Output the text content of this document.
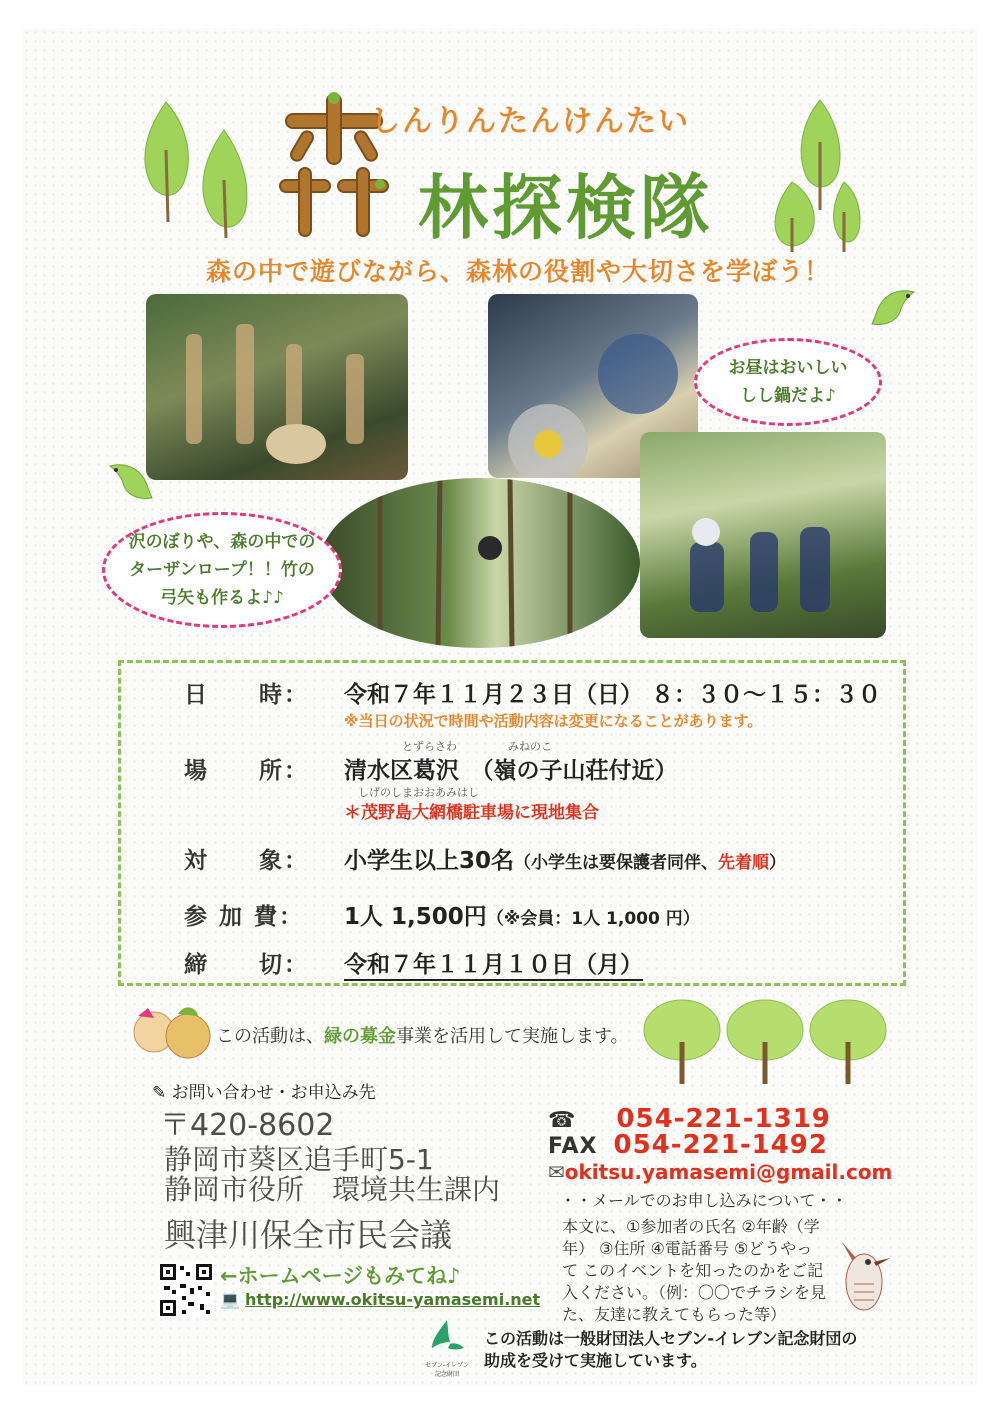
しんりんたんけんたい
林探検隊
森の中で遊びながら、森林の役割や大切さを学ぼう！
お昼はおいしい
しし鍋だよ♪
沢のぼりや、森の中での
ターザンロープ！！竹の
弓矢も作るよ♪♪
日　　時： 令和７年１１月２３日（日） ８：３０～１５：３０
※当日の状況で時間や活動内容は変更になることがあります。
とずらさわ	みねのこ
場　　所： 清水区葛沢　（嶺の子山荘付近）
しげのしまおおあみはし
＊茂野島大網橋駐車場に現地集合
対　　象： 小学生以上30名（小学生は要保護者同伴、先着順）
参 加 費： 1人 1,500円（※会員：1人 1,000 円）
締　　切： 令和７年１１月１０日（月）
この活動は、緑の募金事業を活用して実施します。
✎ お問い合わせ・お申込み先
〒420-8602
静岡市葵区追手町5-1
静岡市役所　環境共生課内
興津川保全市民会議
←ホームページもみてね♪
💻 http://www.okitsu-yamasemi.net
☎ 054-221-1319
FAX 054-221-1492
✉okitsu.yamasemi@gmail.com
・・メールでのお申し込みについて・・
本文に、①参加者の氏名 ②年齢（学年） ③住所 ④電話番号 ⑤どうやって このイベントを知ったのかをご記入ください。（例：〇〇でチラシを見た、友達に教えてもらった等）
セブン-イレブン記念財団
この活動は一般財団法人セブン-イレブン記念財団の
助成を受けて実施しています。
